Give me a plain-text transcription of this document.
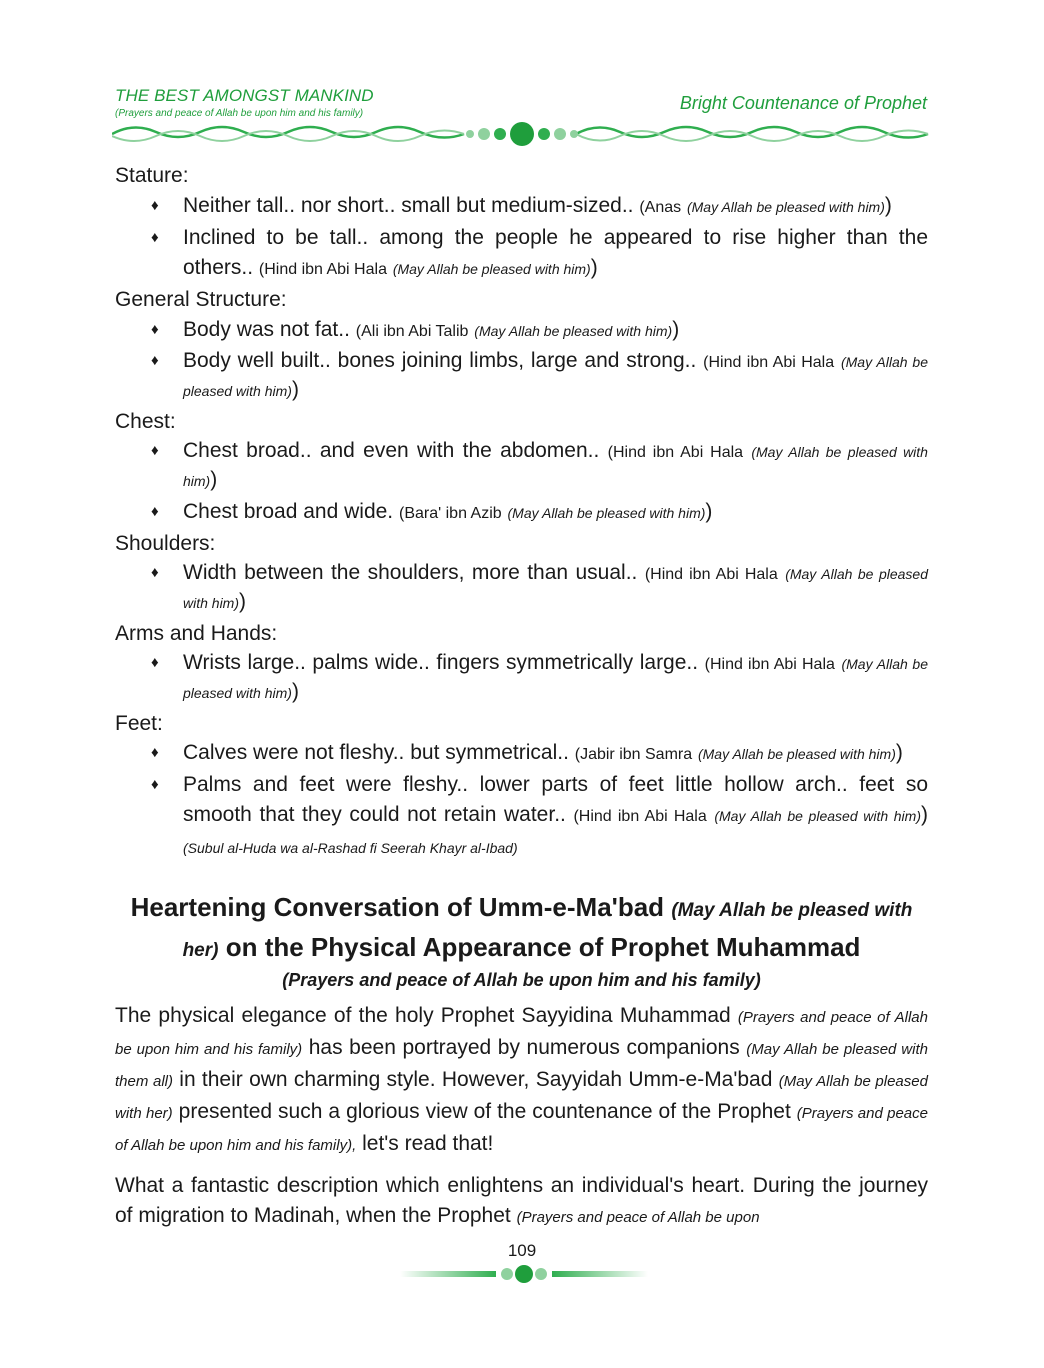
THE BEST AMONGST MANKIND
(Prayers and peace of Allah be upon him and his family)
Bright Countenance of Prophet

Stature:

♦ Neither tall.. nor short.. small but medium-sized.. (Anas (May Allah be pleased with him))
♦ Inclined to be tall.. among the people he appeared to rise higher than the others.. (Hind ibn Abi Hala (May Allah be pleased with him))

General Structure:

♦ Body was not fat.. (Ali ibn Abi Talib (May Allah be pleased with him))
♦ Body well built.. bones joining limbs, large and strong.. (Hind ibn Abi Hala (May Allah be pleased with him))

Chest:

♦ Chest broad.. and even with the abdomen.. (Hind ibn Abi Hala (May Allah be pleased with him))
♦ Chest broad and wide. (Bara' ibn Azib (May Allah be pleased with him))

Shoulders:

♦ Width between the shoulders, more than usual.. (Hind ibn Abi Hala (May Allah be pleased with him))

Arms and Hands:

♦ Wrists large.. palms wide.. fingers symmetrically large.. (Hind ibn Abi Hala (May Allah be pleased with him))

Feet:

♦ Calves were not fleshy.. but symmetrical.. (Jabir ibn Samra (May Allah be pleased with him))
♦ Palms and feet were fleshy.. lower parts of feet little hollow arch.. feet so smooth that they could not retain water.. (Hind ibn Abi Hala (May Allah be pleased with him)) (Subul al-Huda wa al-Rashad fi Seerah Khayr al-Ibad)
Heartening Conversation of Umm-e-Ma'bad (May Allah be pleased with her) on the Physical Appearance of Prophet Muhammad
(Prayers and peace of Allah be upon him and his family)
The physical elegance of the holy Prophet Sayyidina Muhammad (Prayers and peace of Allah be upon him and his family) has been portrayed by numerous companions (May Allah be pleased with them all) in their own charming style. However, Sayyidah Umm-e-Ma'bad (May Allah be pleased with her) presented such a glorious view of the countenance of the Prophet (Prayers and peace of Allah be upon him and his family), let's read that!
What a fantastic description which enlightens an individual's heart. During the journey of migration to Madinah, when the Prophet (Prayers and peace of Allah be upon
109
